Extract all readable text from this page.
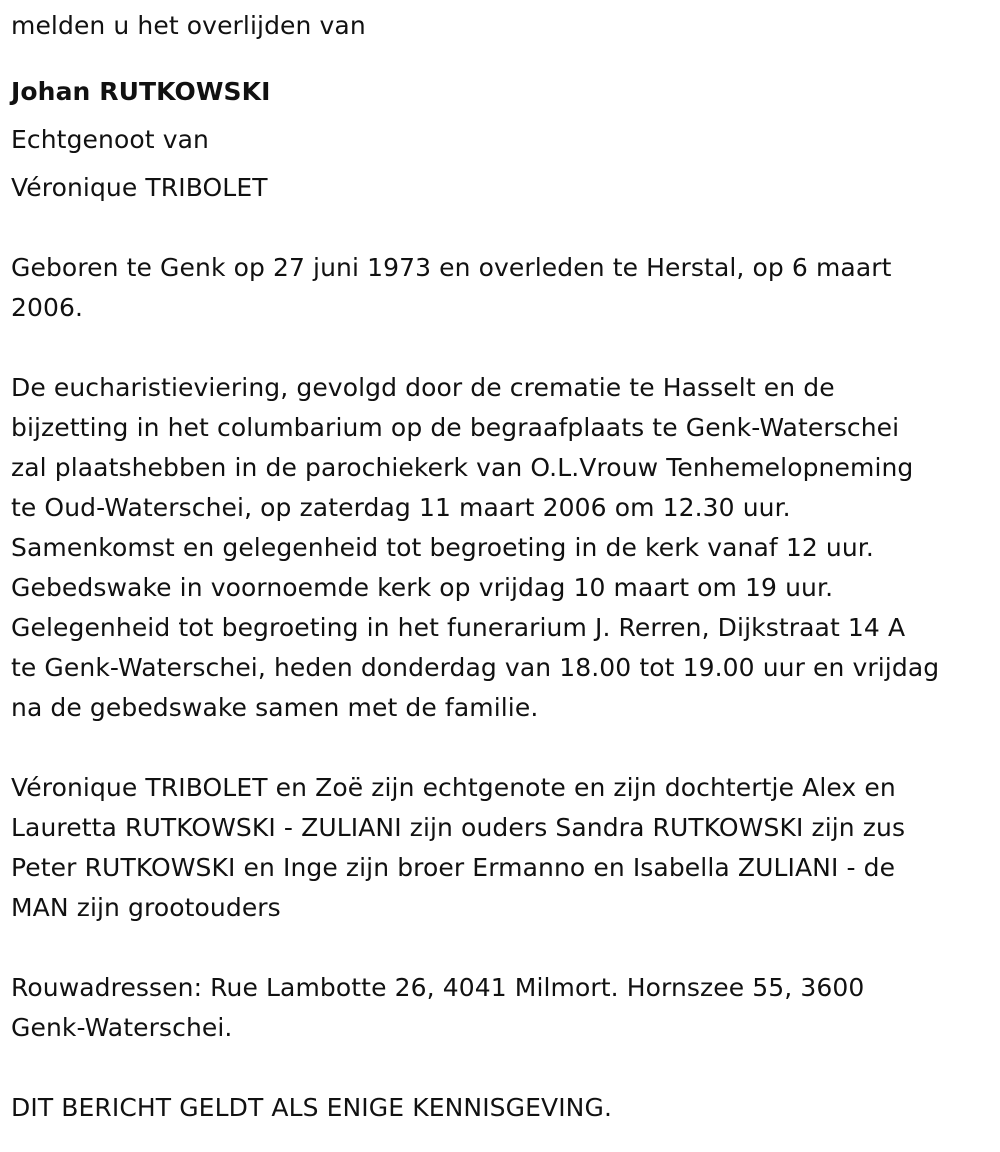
melden u het overlijden van
Johan RUTKOWSKI
Echtgenoot van
Véronique TRIBOLET
Geboren te Genk op 27 juni 1973 en overleden te Herstal, op 6 maart
2006.
De eucharistieviering, gevolgd door de crematie te Hasselt en de
bijzetting in het columbarium op de begraafplaats te Genk-Waterschei
zal plaatshebben in de parochiekerk van O.L.Vrouw Tenhemelopneming
te Oud-Waterschei, op zaterdag 11 maart 2006 om 12.30 uur.
Samenkomst en gelegenheid tot begroeting in de kerk vanaf 12 uur.
Gebedswake in voornoemde kerk op vrijdag 10 maart om 19 uur.
Gelegenheid tot begroeting in het funerarium J. Rerren, Dijkstraat 14 A
te Genk-Waterschei, heden donderdag van 18.00 tot 19.00 uur en vrijdag
na de gebedswake samen met de familie.
Véronique TRIBOLET en Zoë zijn echtgenote en zijn dochtertje Alex en
Lauretta RUTKOWSKI - ZULIANI zijn ouders Sandra RUTKOWSKI zijn zus
Peter RUTKOWSKI en Inge zijn broer Ermanno en Isabella ZULIANI - de
MAN zijn grootouders
Rouwadressen: Rue Lambotte 26, 4041 Milmort. Hornszee 55, 3600
Genk-Waterschei.
DIT BERICHT GELDT ALS ENIGE KENNISGEVING.
